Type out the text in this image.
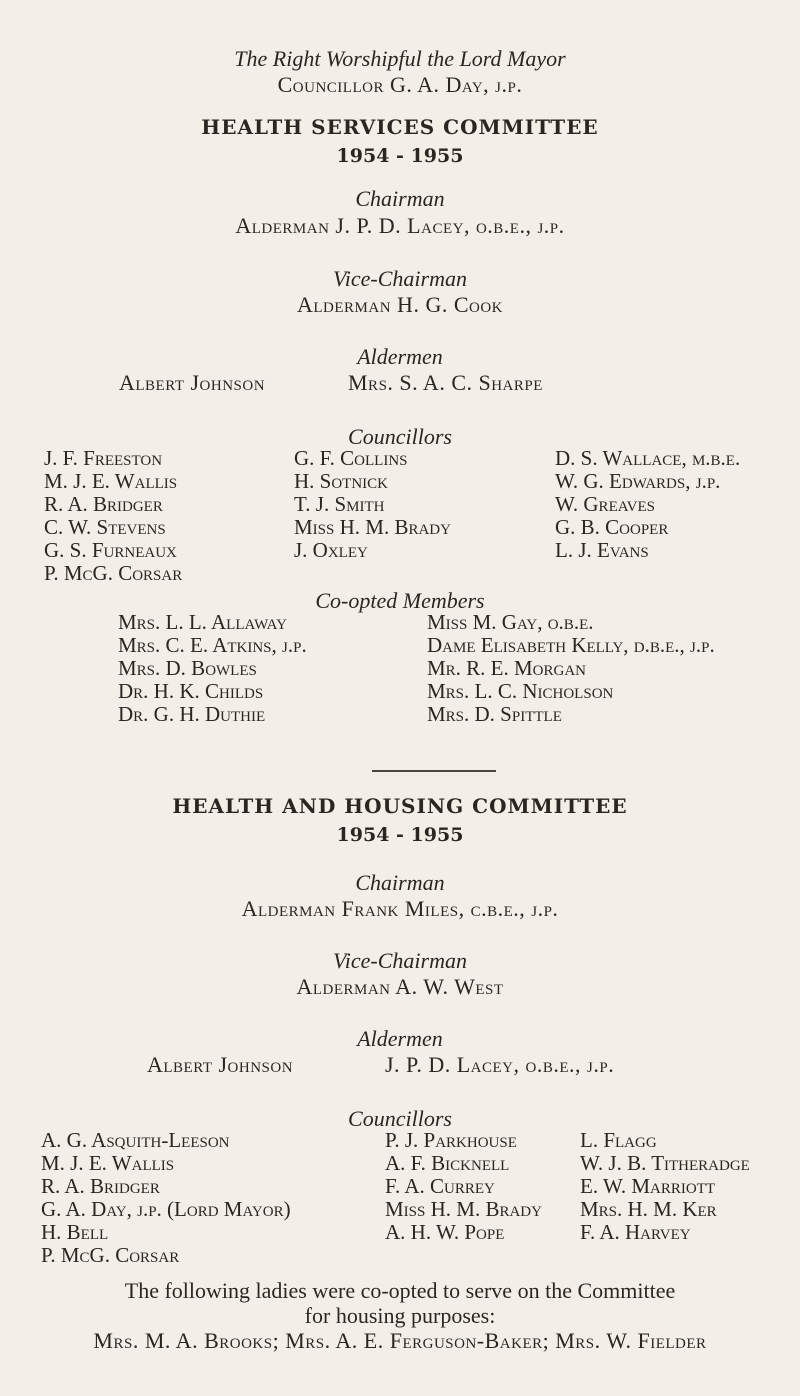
The Right Worshipful the Lord Mayor
Councillor G. A. Day, j.p.
HEALTH SERVICES COMMITTEE
1954 - 1955
Chairman
Alderman J. P. D. Lacey, o.b.e., j.p.
Vice-Chairman
Alderman H. G. Cook
Aldermen
Albert Johnson	Mrs. S. A. C. Sharpe
Councillors
J. F. Freeston
M. J. E. Wallis
R. A. Bridger
C. W. Stevens
G. S. Furneaux
P. McG. Corsar
G. F. Collins
H. Sotnick
T. J. Smith
Miss H. M. Brady
J. Oxley
D. S. Wallace, m.b.e.
W. G. Edwards, j.p.
W. Greaves
G. B. Cooper
L. J. Evans
Co-opted Members
Mrs. L. L. Allaway
Mrs. C. E. Atkins, j.p.
Mrs. D. Bowles
Dr. H. K. Childs
Dr. G. H. Duthie
Miss M. Gay, o.b.e.
Dame Elisabeth Kelly, d.b.e., j.p.
Mr. R. E. Morgan
Mrs. L. C. Nicholson
Mrs. D. Spittle
HEALTH AND HOUSING COMMITTEE
1954 - 1955
Chairman
Alderman Frank Miles, c.b.e., j.p.
Vice-Chairman
Alderman A. W. West
Aldermen
Albert Johnson	J. P. D. Lacey, o.b.e., j.p.
Councillors
A. G. Asquith-Leeson
M. J. E. Wallis
R. A. Bridger
G. A. Day, j.p. (Lord Mayor)
H. Bell
P. McG. Corsar
P. J. Parkhouse
A. F. Bicknell
F. A. Currey
Miss H. M. Brady
A. H. W. Pope
L. Flagg
W. J. B. Titheradge
E. W. Marriott
Mrs. H. M. Ker
F. A. Harvey
The following ladies were co-opted to serve on the Committee
for housing purposes:
Mrs. M. A. Brooks; Mrs. A. E. Ferguson-Baker; Mrs. W. Fielder
